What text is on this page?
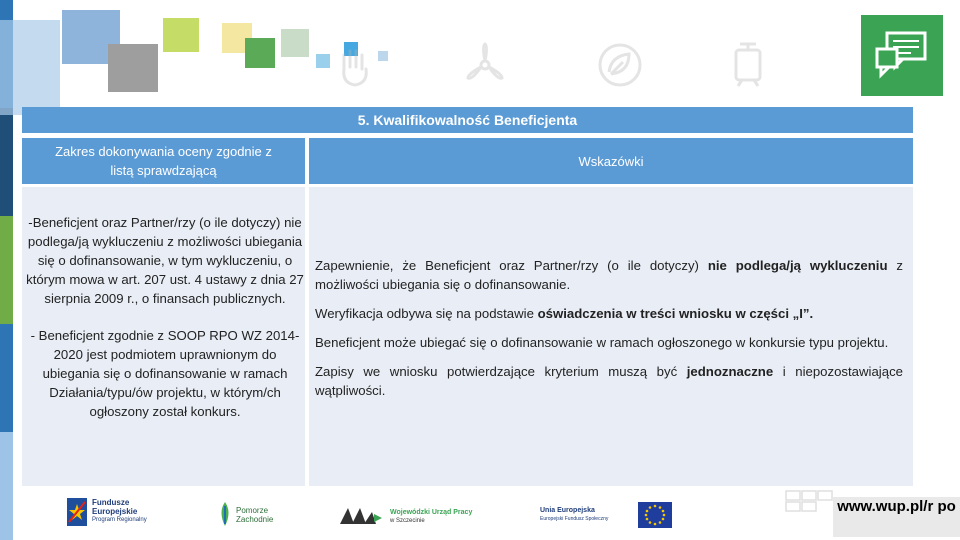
5. Kwalifikowalność Beneficjenta
Zakres dokonywania oceny zgodnie z listą sprawdzającą
Wskazówki
-Beneficjent oraz Partner/rzy (o ile dotyczy) nie podlega/ją wykluczeniu z możliwości ubiegania się o dofinansowanie, w tym wykluczeniu, o którym mowa w art. 207 ust. 4 ustawy z dnia 27 sierpnia 2009 r., o finansach publicznych.
- Beneficjent zgodnie z SOOP RPO WZ 2014-2020 jest podmiotem uprawnionym do ubiegania się o dofinansowanie w ramach Działania/typu/ów projektu, w którym/ch ogłoszony został konkurs.

Zapewnienie, że Beneficjent oraz Partner/rzy (o ile dotyczy) nie podlega/ją wykluczeniu z możliwości ubiegania się o dofinansowanie.

Weryfikacja odbywa się na podstawie oświadczenia w treści wniosku w części „I”.

Beneficjent może ubiegać się o dofinansowanie w ramach ogłoszonego w konkursie typu projektu.

Zapisy we wniosku potwierdzające kryterium muszą być jednoznaczne i niepozostawiające wątpliwości.

Fundusze
Europejskie
Program Regionalny
Pomorze
Zachodnie
Wojewódzki Urząd Pracy
w Szczecinie
Unia Europejska
Europejski Fundusz Społeczny
www.wup.pl/r po
